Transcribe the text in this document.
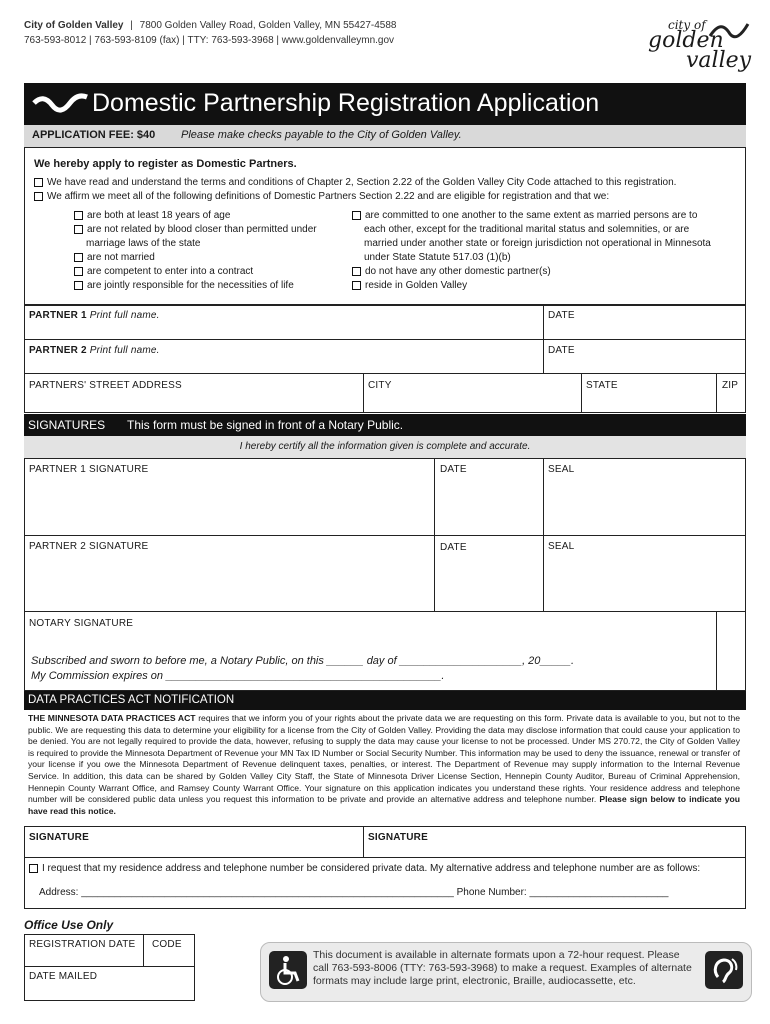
City of Golden Valley | 7800 Golden Valley Road, Golden Valley, MN 55427-4588
763-593-8012 | 763-593-8109 (fax) | TTY: 763-593-3968 | www.goldenvalleymn.gov
city of
golden
valley
Domestic Partnership Registration Application
APPLICATION FEE: $40 Please make checks payable to the City of Golden Valley.
We hereby apply to register as Domestic Partners.
We have read and understand the terms and conditions of Chapter 2, Section 2.22 of the Golden Valley City Code attached to this registration.
We affirm we meet all of the following definitions of Domestic Partners Section 2.22 and are eligible for registration and that we:
are both at least 18 years of age
are not related by blood closer than permitted under marriage laws of the state
are not married
are competent to enter into a contract
are jointly responsible for the necessities of life
are committed to one another to the same extent as married persons are to each other, except for the traditional marital status and solemnities, or are married under another state or foreign jurisdiction not operational in Minnesota under State Statute 517.03 (1)(b)
do not have any other domestic partner(s)
reside in Golden Valley
PARTNER 1 Print full name.	DATE
PARTNER 2 Print full name.	DATE
PARTNERS' STREET ADDRESS	CITY	STATE	ZIP
SIGNATURES This form must be signed in front of a Notary Public.
I hereby certify all the information given is complete and accurate.
PARTNER 1 SIGNATURE	DATE	SEAL
PARTNER 2 SIGNATURE	DATE	SEAL
NOTARY SIGNATURE
Subscribed and sworn to before me, a Notary Public, on this ______ day of ____________________, 20_____.
My Commission expires on _____________________________________________.
DATA PRACTICES ACT NOTIFICATION
THE MINNESOTA DATA PRACTICES ACT requires that we inform you of your rights about the private data we are requesting on this form. Private data is available to you, but not to the public. We are requesting this data to determine your eligibility for a license from the City of Golden Valley. Providing the data may disclose information that could cause your application to be denied. You are not legally required to provide the data, however, refusing to supply the data may cause your license to not be processed. Under MS 270.72, the City of Golden Valley is required to provide the Minnesota Department of Revenue your MN Tax ID Number or Social Security Number. This information may be used to deny the issuance, renewal or transfer of your license if you owe the Minnesota Department of Revenue delinquent taxes, penalties, or interest. The Department of Revenue may supply information to the Internal Revenue Service. In addition, this data can be shared by Golden Valley City Staff, the State of Minnesota Driver License Section, Hennepin County Auditor, Bureau of Criminal Apprehension, Hennepin County Warrant Office, and Ramsey County Warrant Office. Your signature on this application indicates you understand these rights. Your residence address and telephone number will be considered public data unless you request this information to be private and provide an alternative address and telephone number. Please sign below to indicate you have read this notice.
SIGNATURE	SIGNATURE
I request that my residence address and telephone number be considered private data. My alternative address and telephone number are as follows:
Address: ___________________________________________________________________ Phone Number: _________________________
Office Use Only
REGISTRATION DATE CODE
DATE MAILED
This document is available in alternate formats upon a 72-hour request. Please call 763-593-8006 (TTY: 763-593-3968) to make a request. Examples of alternate formats may include large print, electronic, Braille, audiocassette, etc.
